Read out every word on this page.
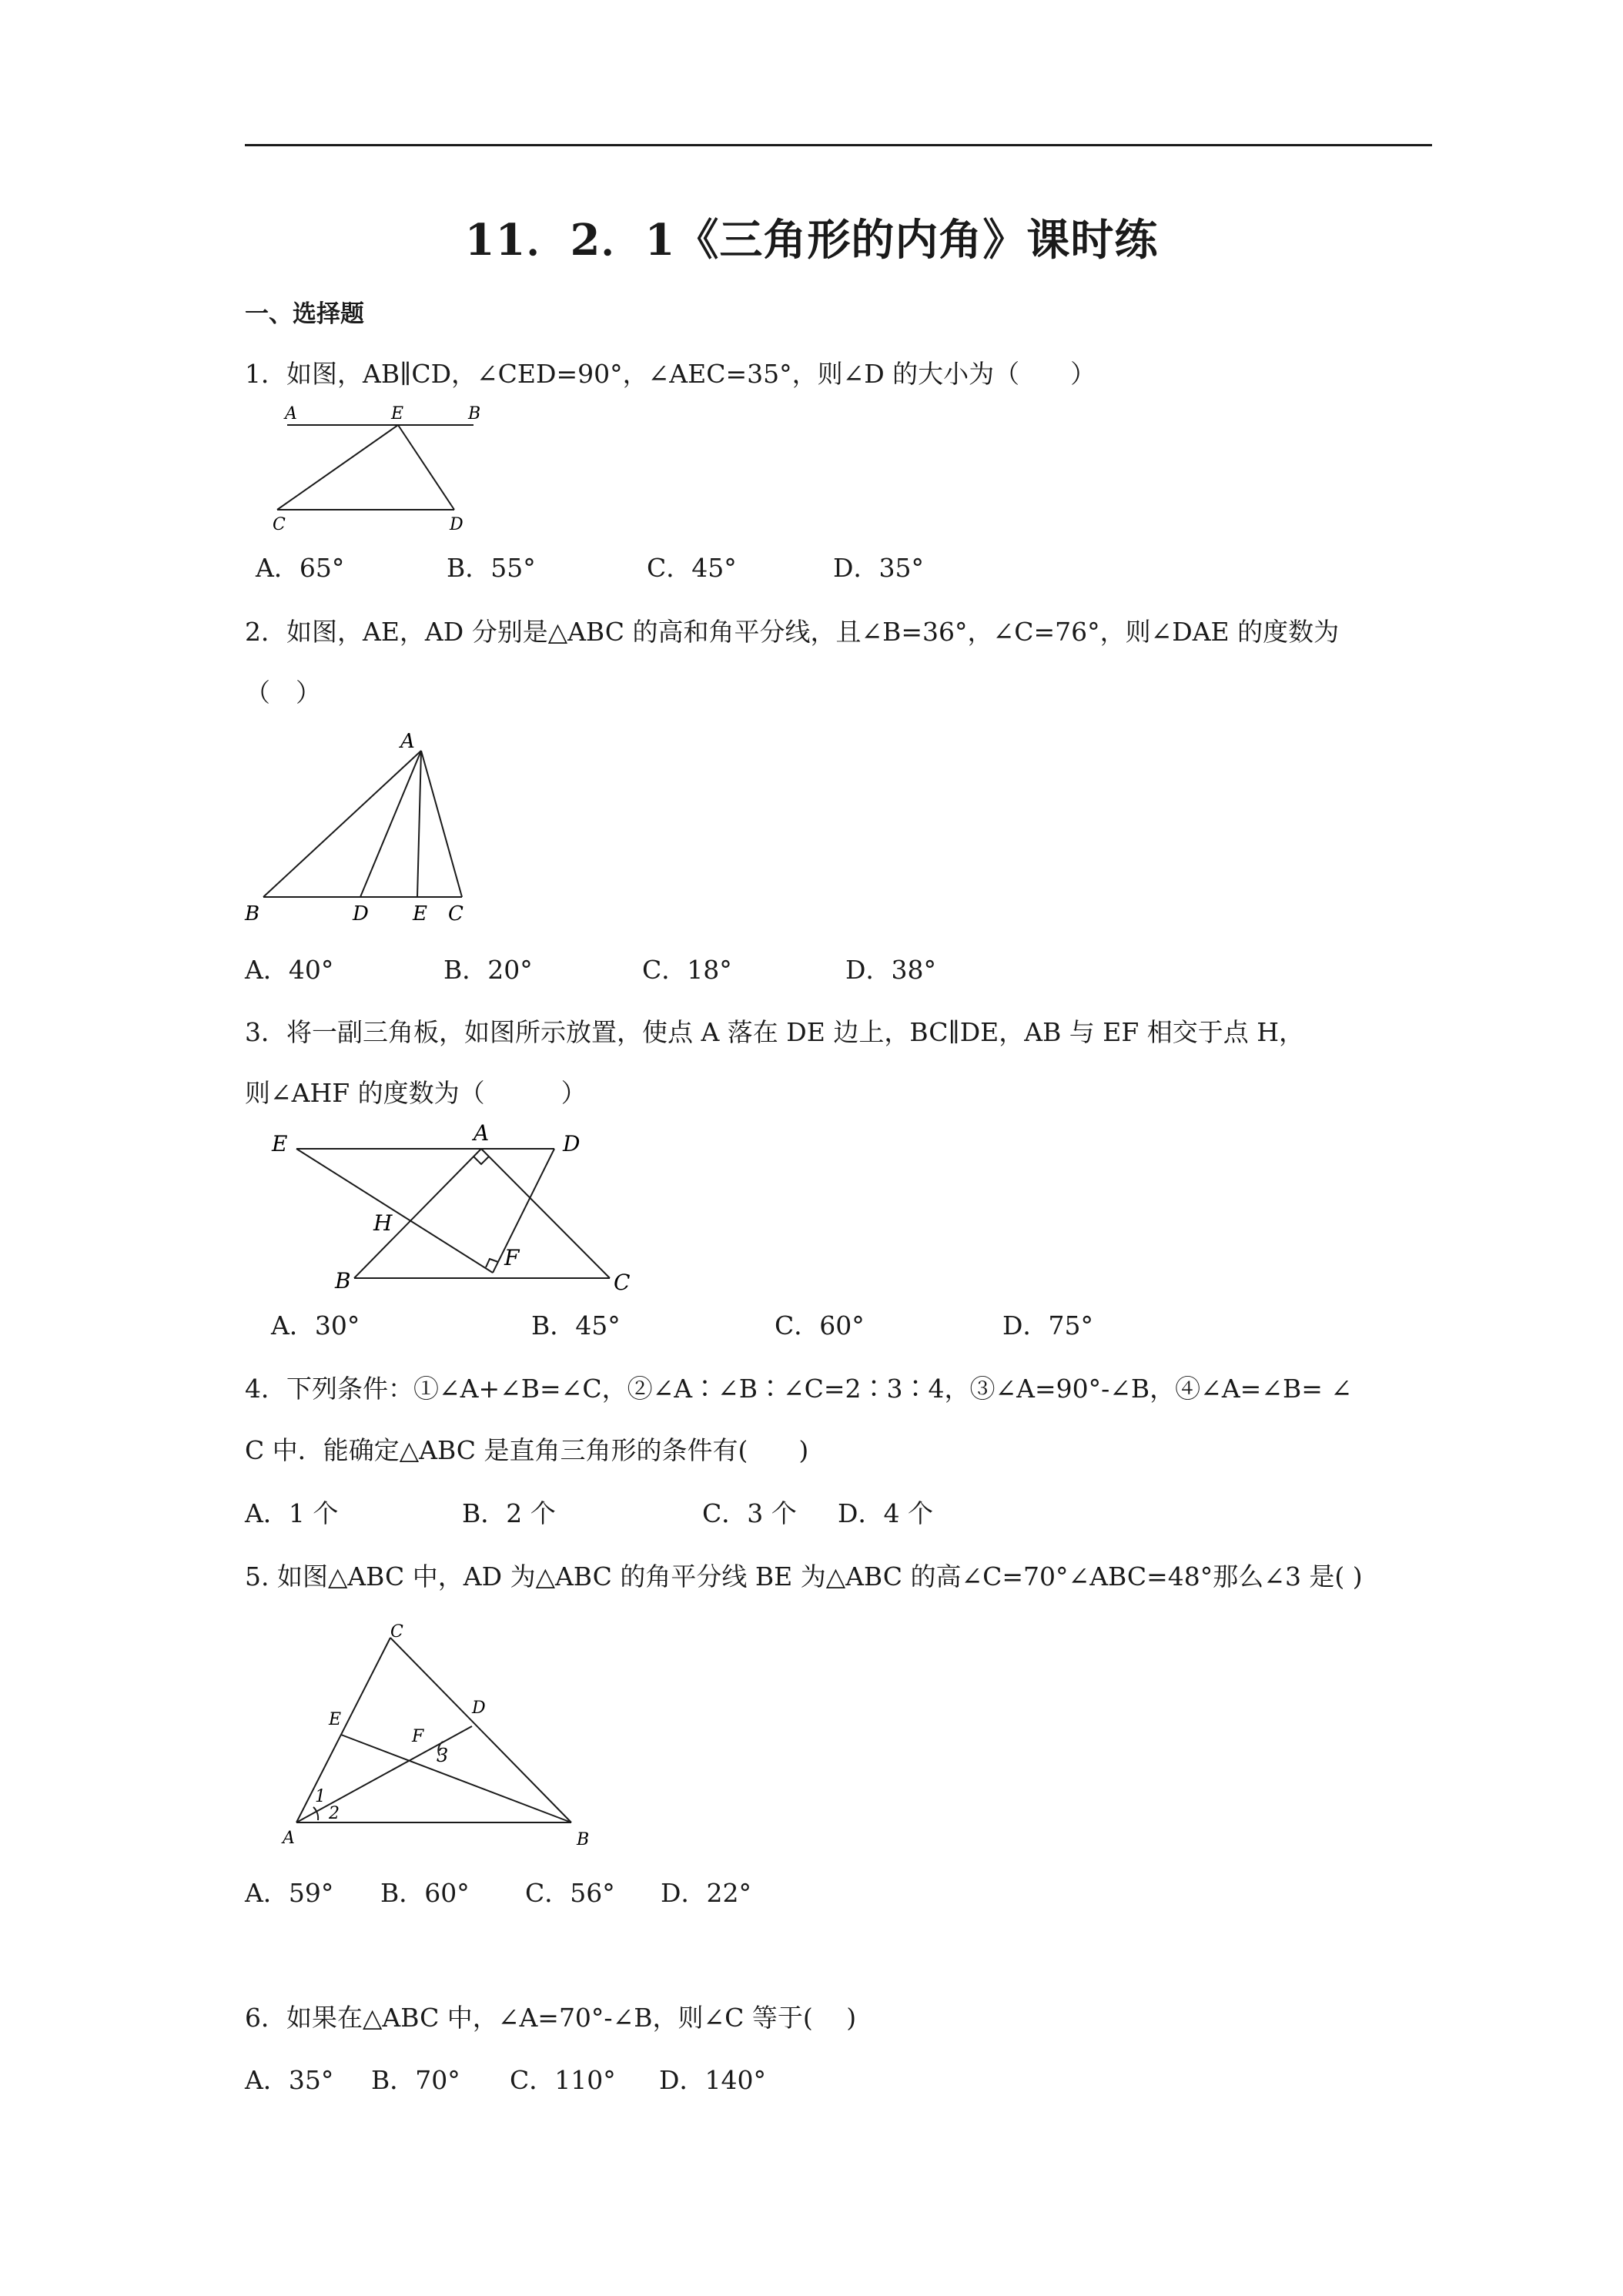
11．2．1《三角形的内角》课时练
一、选择题
1．如图，AB∥CD，∠CED=90°，∠AEC=35°，则∠D 的大小为（　　）
A	E	B
C	D
A．65°	B．55°	C．45°	D．35°
2．如图，AE，AD 分别是△ABC 的高和角平分线，且∠B=36°，∠C=76°，则∠DAE 的度数为
（　）
A
B	D E C
A．40°	B．20°	C．18°	D．38°
3．将一副三角板，如图所示放置，使点 A 落在 DE 边上，BC∥DE，AB 与 EF 相交于点 H，
则∠AHF 的度数为（　　　）
E	A	D
H
F
B	C
A．30°	B．45°	C．60°	D．75°
4．下列条件：①∠A+∠B=∠C，②∠A∶∠B∶∠C=2∶3∶4，③∠A=90°-∠B，④∠A=∠B= ∠
C 中．能确定△ABC 是直角三角形的条件有(　　)
A．1 个	B．2 个	C．3 个 D．4 个
5. 如图△ABC 中，AD 为△ABC 的角平分线 BE 为△ABC 的高∠C=70°∠ABC=48°那么∠3 是( )
C
E
D
F
3
1
2
A	B
A．59° B．60° C．56° D．22°
6．如果在△ABC 中，∠A=70°-∠B，则∠C 等于(　 )
A．35° B．70° C．110° D．140°
